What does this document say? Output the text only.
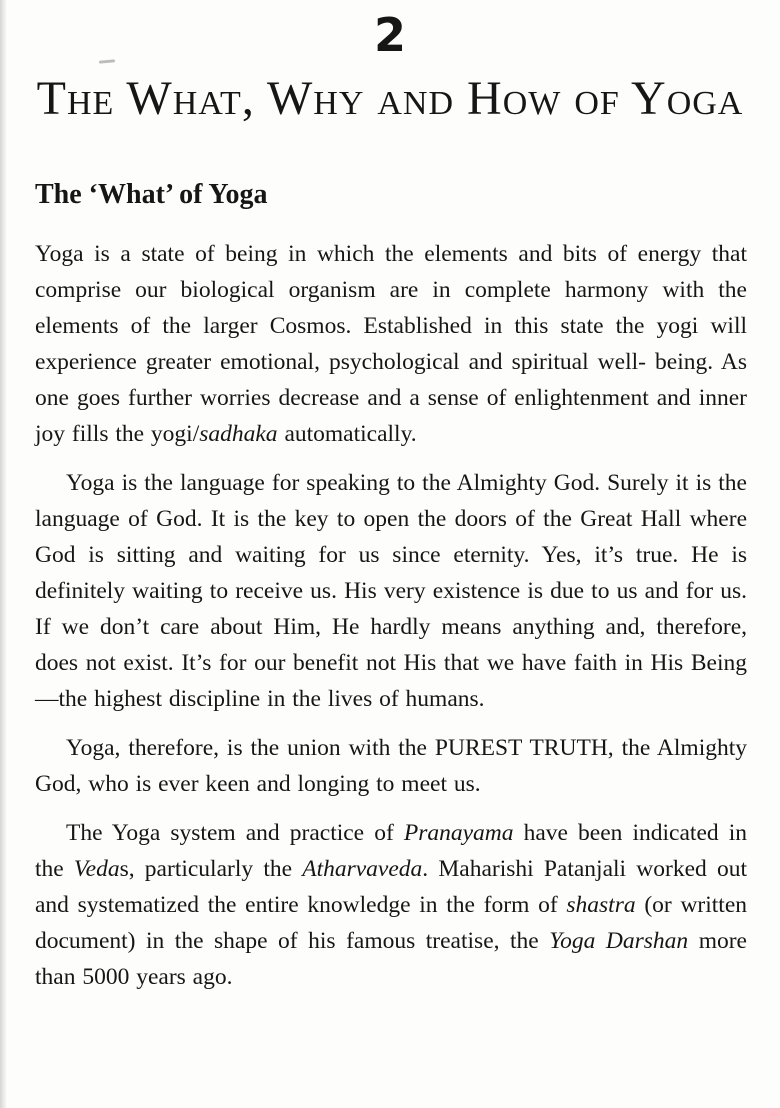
2
The What, Why and How of Yoga
The ‘What’ of Yoga

Yoga is a state of being in which the elements and bits of energy that comprise our biological organism are in complete harmony with the elements of the larger Cosmos. Established in this state the yogi will experience greater emotional, psychological and spiritual well- being. As one goes further worries decrease and a sense of enlightenment and inner joy fills the yogi/sadhaka automatically.

Yoga is the language for speaking to the Almighty God. Surely it is the language of God. It is the key to open the doors of the Great Hall where God is sitting and waiting for us since eternity. Yes, it’s true. He is definitely waiting to receive us. His very existence is due to us and for us. If we don’t care about Him, He hardly means anything and, therefore, does not exist. It’s for our benefit not His that we have faith in His Being—the highest discipline in the lives of humans.

Yoga, therefore, is the union with the PUREST TRUTH, the Almighty God, who is ever keen and longing to meet us.

The Yoga system and practice of Pranayama have been indicated in the Vedas, particularly the Atharvaveda. Maharishi Patanjali worked out and systematized the entire knowledge in the form of shastra (or written document) in the shape of his famous treatise, the Yoga Darshan more than 5000 years ago.
